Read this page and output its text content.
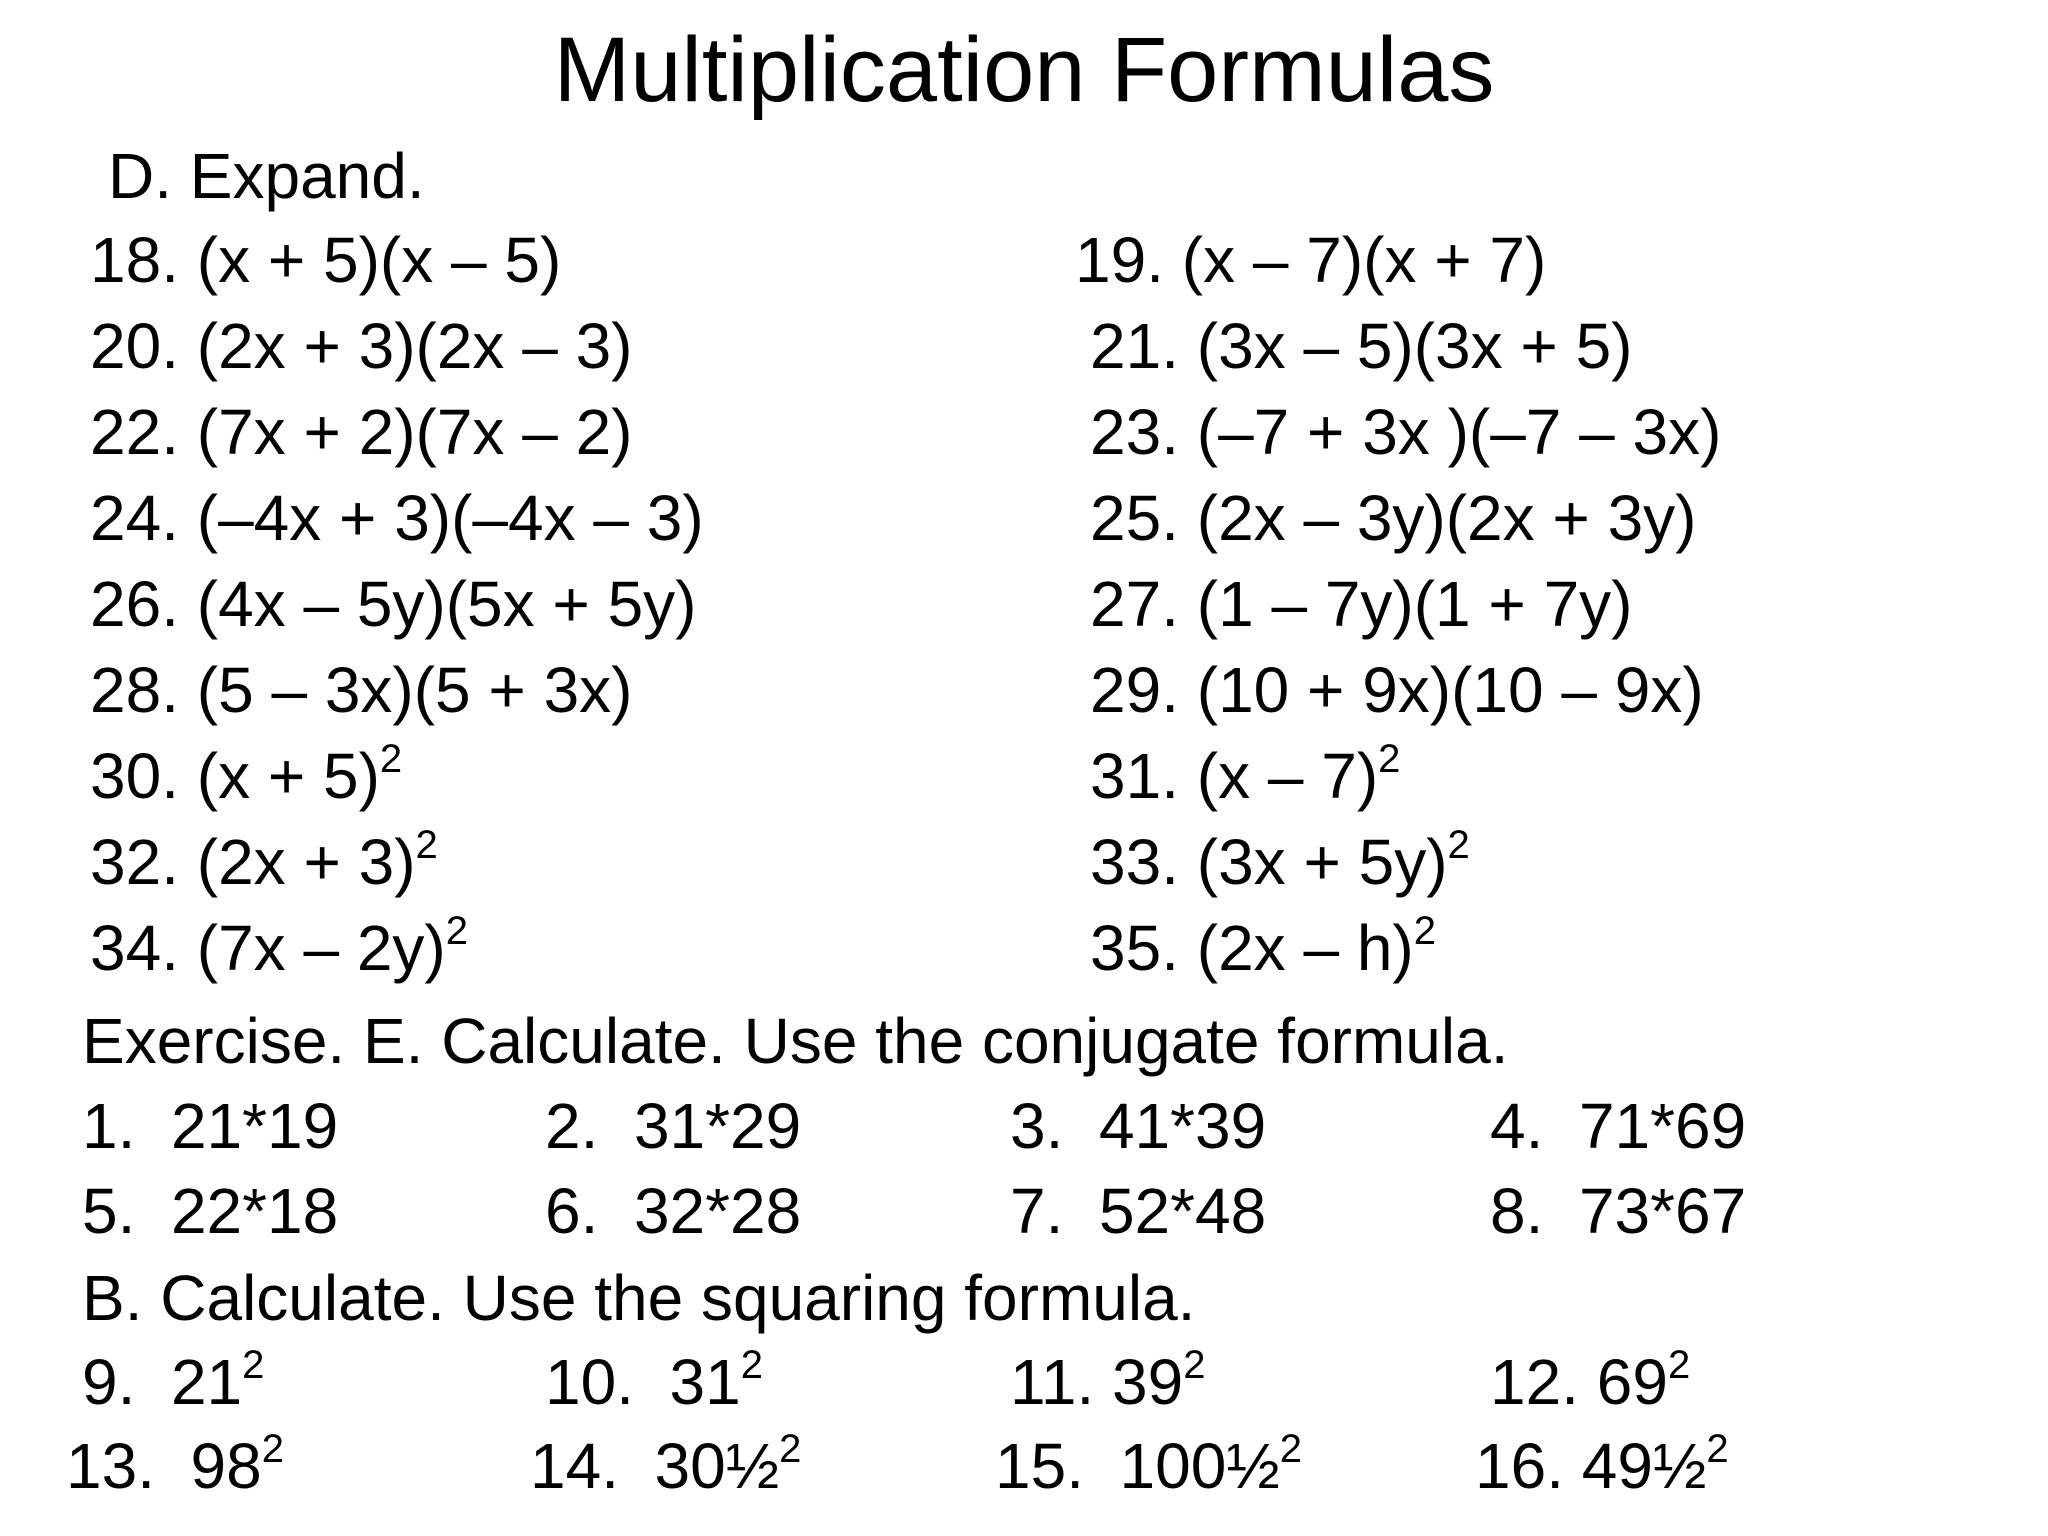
Multiplication Formulas
D. Expand.
18. (x + 5)(x – 5)	19. (x – 7)(x + 7)
20. (2x + 3)(2x – 3)	21. (3x – 5)(3x + 5)
22. (7x + 2)(7x – 2)	23. (–7 + 3x )(–7 – 3x)
24. (–4x + 3)(–4x – 3)	25. (2x – 3y)(2x + 3y)
26. (4x – 5y)(5x + 5y)	27. (1 – 7y)(1 + 7y)
28. (5 – 3x)(5 + 3x)	29. (10 + 9x)(10 – 9x)
30. $(x + 5)^2$	31. (x – 7)$^2$
32. $(2x + 3)^2$	33. $(3x + 5y)^2$
34. (7x – 2y)$^2$	35. (2x – h)$^2$
Exercise. E. Calculate. Use the conjugate formula.
1. 21*19	2. 31*29	3. 41*39	4. 71*69
5. 22*18	6. 32*28	7. 52*48	8. 73*67
B. Calculate. Use the squaring formula.
9. $21^2$	10. $31^2$	11. $39^2$	12. $69^2$
13. $98^2$	14. 30½$^2$	15. 100½$^2$	16. 49½$^2$
